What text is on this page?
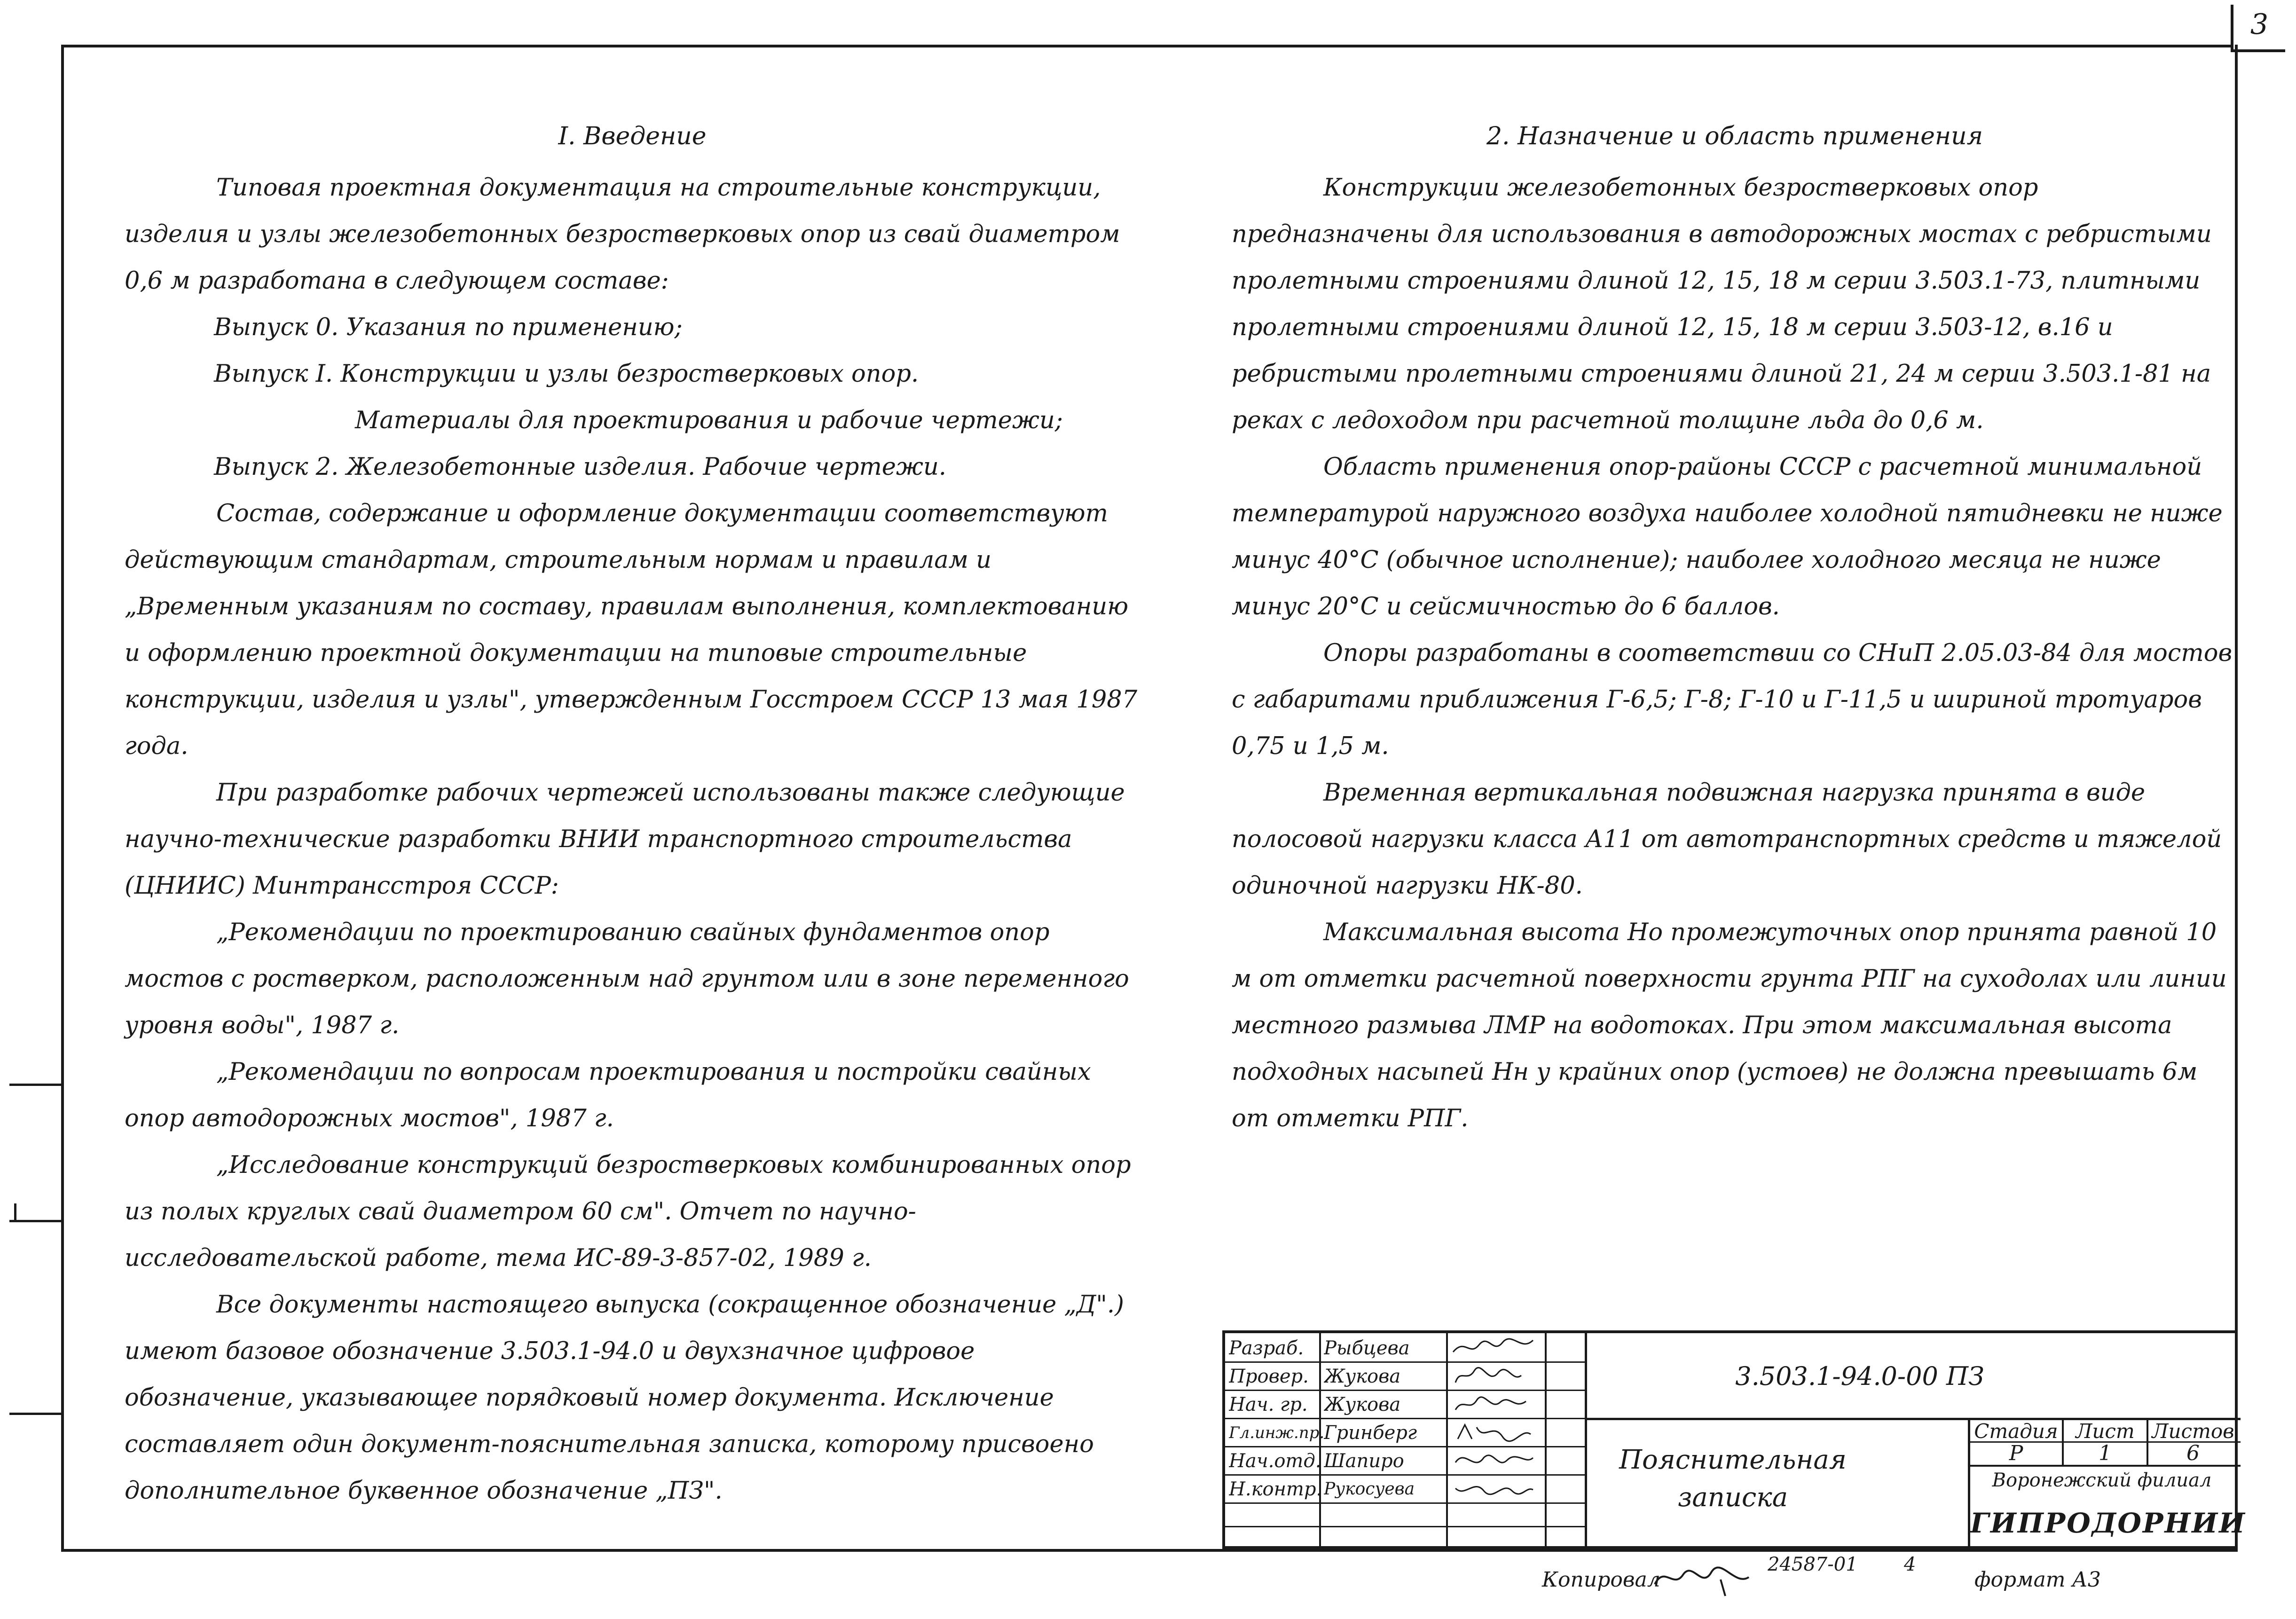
3
I. Введение

Типовая проектная документация на строительные конструкции, изделия и узлы железобетонных безростверковых опор из свай диаметром 0,6 м разработана в следующем составе:

Выпуск 0. Указания по применению;
Выпуск I. Конструкции и узлы безростверковых опор.
Материалы для проектирования и рабочие чертежи;
Выпуск 2. Железобетонные изделия. Рабочие чертежи.

Состав, содержание и оформление документации соответствуют действующим стандартам, строительным нормам и правилам и „Временным указаниям по составу, правилам выполнения, комплектованию и оформлению проектной документации на типовые строительные конструкции, изделия и узлы", утвержденным Госстроем СССР 13 мая 1987 года.

При разработке рабочих чертежей использованы также следующие научно-технические разработки ВНИИ транспортного строительства (ЦНИИС) Минтрансстроя СССР:

„Рекомендации по проектированию свайных фундаментов опор мостов с ростверком, расположенным над грунтом или в зоне переменного уровня воды", 1987 г.

„Рекомендации по вопросам проектирования и постройки свайных опор автодорожных мостов", 1987 г.

„Исследование конструкций безростверковых комбинированных опор из полых круглых свай диаметром 60 см". Отчет по научно-исследовательской работе, тема ИС-89-3-857-02, 1989 г.

Все документы настоящего выпуска (сокращенное обозначение „Д".) имеют базовое обозначение 3.503.1-94.0 и двухзначное цифровое обозначение, указывающее порядковый номер документа. Исключение составляет один документ-пояснительная записка, которому присвоено дополнительное буквенное обозначение „ПЗ".

2. Назначение и область применения

Конструкции железобетонных безростверковых опор предназначены для использования в автодорожных мостах с ребристыми пролетными строениями длиной 12, 15, 18 м серии 3.503.1-73, плитными пролетными строениями длиной 12, 15, 18 м серии 3.503-12, в.16 и ребристыми пролетными строениями длиной 21, 24 м серии 3.503.1-81 на реках с ледоходом при расчетной толщине льда до 0,6 м.

Область применения опор-районы СССР с расчетной минимальной температурой наружного воздуха наиболее холодной пятидневки не ниже минус 40°С (обычное исполнение); наиболее холодного месяца не ниже минус 20°С и сейсмичностью до 6 баллов.

Опоры разработаны в соответствии со СНиП 2.05.03-84 для мостов с габаритами приближения Г-6,5; Г-8; Г-10 и Г-11,5 и шириной тротуаров 0,75 и 1,5 м.

Временная вертикальная подвижная нагрузка принята в виде полосовой нагрузки класса А11 от автотранспортных средств и тяжелой одиночной нагрузки НК-80.

Максимальная высота Но промежуточных опор принята равной 10 м от отметки расчетной поверхности грунта РПГ на суходолах или линии местного размыва ЛМР на водотоках. При этом максимальная высота подходных насыпей Нн у крайних опор (устоев) не должна превышать 6м от отметки РПГ.

Разраб.
Провер.
Нач. гр.
Гл.инж.пр.
Нач.отд.
Н.контр.
Рыбцева
Жукова
Жукова
Гринберг
Шапиро
Рукосуева
3.503.1-94.0-00 ПЗ
Пояснительная записка
Стадия Лист Листов
Р	1	6
Воронежский филиал
ГИПРОДОРНИИ
Копировал
24587-01 4
формат А3
